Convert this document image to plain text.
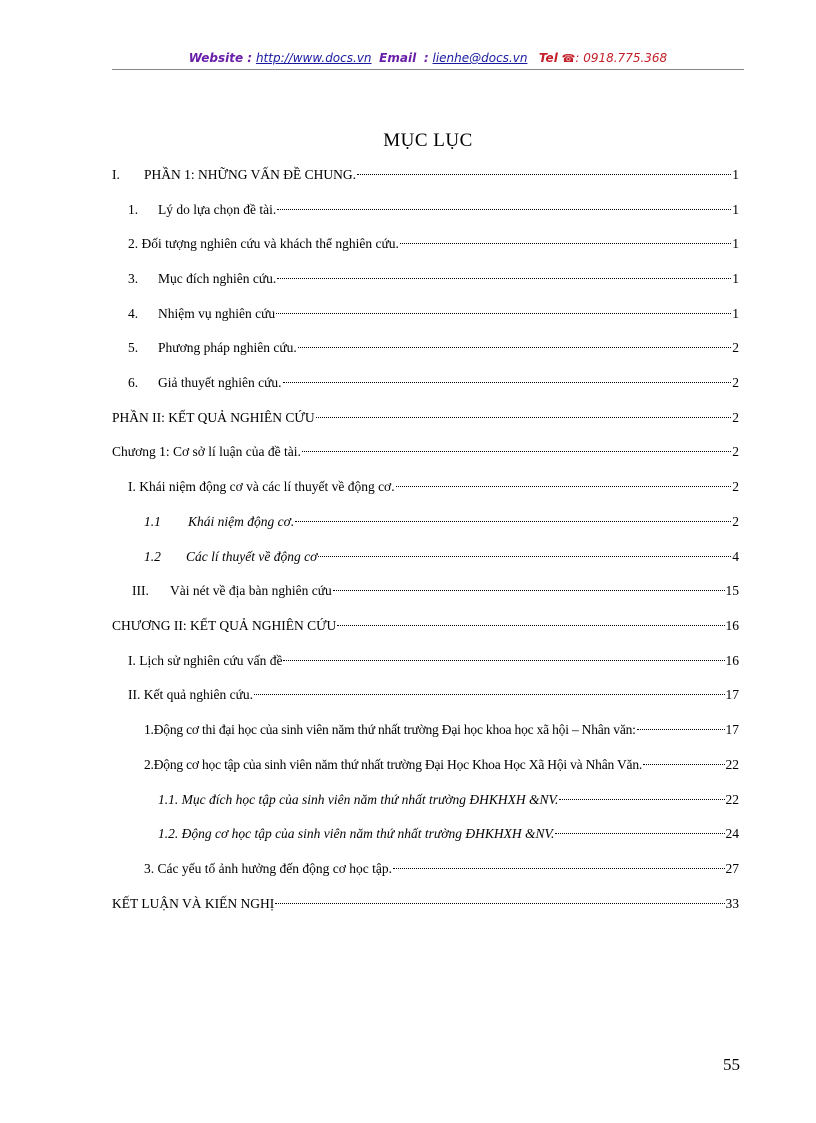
Website : http://www.docs.vn Email : lienhe@docs.vn Tel ☎: 0918.775.368
MỤC LỤC
I.	PHẦN 1: NHỮNG VẤN ĐỀ CHUNG.	1
1.	Lý do lựa chọn đề tài.	1
2. Đối tượng nghiên cứu và khách thể nghiên cứu.	1
3.	Mục đích nghiên cứu.	1
4.	Nhiệm vụ nghiên cứu	1
5.	Phương pháp nghiên cứu.	2
6.	Giả thuyết nghiên cứu.	2
PHẦN II: KẾT QUẢ NGHIÊN CỨU	2
Chương 1: Cơ sở lí luận của đề tài.	2
I. Khái niệm động cơ và các lí thuyết về động cơ.	2
1.1	Khái niệm động cơ.	2
1.2	Các lí thuyết về động cơ	4
III.	Vài nét về địa bàn nghiên cứu	15
CHƯƠNG II: KẾT QUẢ NGHIÊN CỨU	16
I. Lịch sử nghiên cứu vấn đề	16
II. Kết quả nghiên cứu.	17
1.Động cơ thi đại học của sinh viên năm thứ nhất trường Đại học khoa học xã hội – Nhân văn:	17
2.Động cơ học tập của sinh viên năm thứ nhất trường Đại Học Khoa Học Xã Hội và Nhân Văn.	22
1.1. Mục đích học tập của sinh viên năm thứ nhất trường ĐHKHXH &NV.	22
1.2. Động cơ học tập của sinh viên năm thứ nhất trường ĐHKHXH &NV.	24
3. Các yếu tố ảnh hưởng đến động cơ học tập.	27
KẾT LUẬN VÀ KIẾN NGHỊ	33
55
